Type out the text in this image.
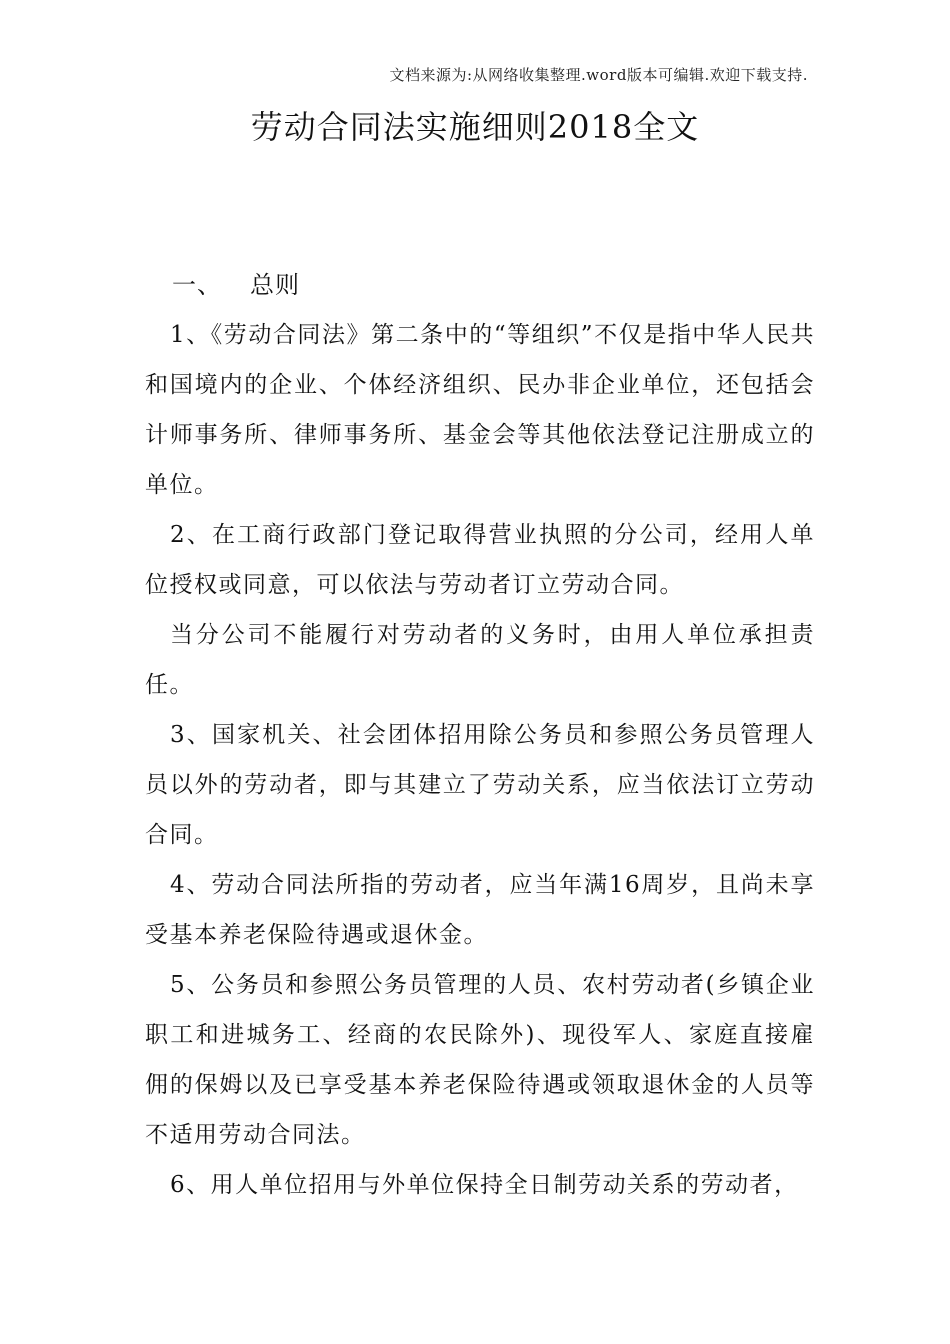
文档来源为:从网络收集整理.word版本可编辑.欢迎下载支持.
劳动合同法实施细则2018全文
一、 总则

1、《劳动合同法》第二条中的“等组织”不仅是指中华人民共和国境内的企业、个体经济组织、民办非企业单位，还包括会计师事务所、律师事务所、基金会等其他依法登记注册成立的单位。

2、在工商行政部门登记取得营业执照的分公司，经用人单位授权或同意，可以依法与劳动者订立劳动合同。

当分公司不能履行对劳动者的义务时，由用人单位承担责任。

3、国家机关、社会团体招用除公务员和参照公务员管理人员以外的劳动者，即与其建立了劳动关系，应当依法订立劳动合同。

4、劳动合同法所指的劳动者，应当年满16周岁，且尚未享受基本养老保险待遇或退休金。

5、公务员和参照公务员管理的人员、农村劳动者(乡镇企业职工和进城务工、经商的农民除外)、现役军人、家庭直接雇佣的保姆以及已享受基本养老保险待遇或领取退休金的人员等不适用劳动合同法。

6、用人单位招用与外单位保持全日制劳动关系的劳动者，
